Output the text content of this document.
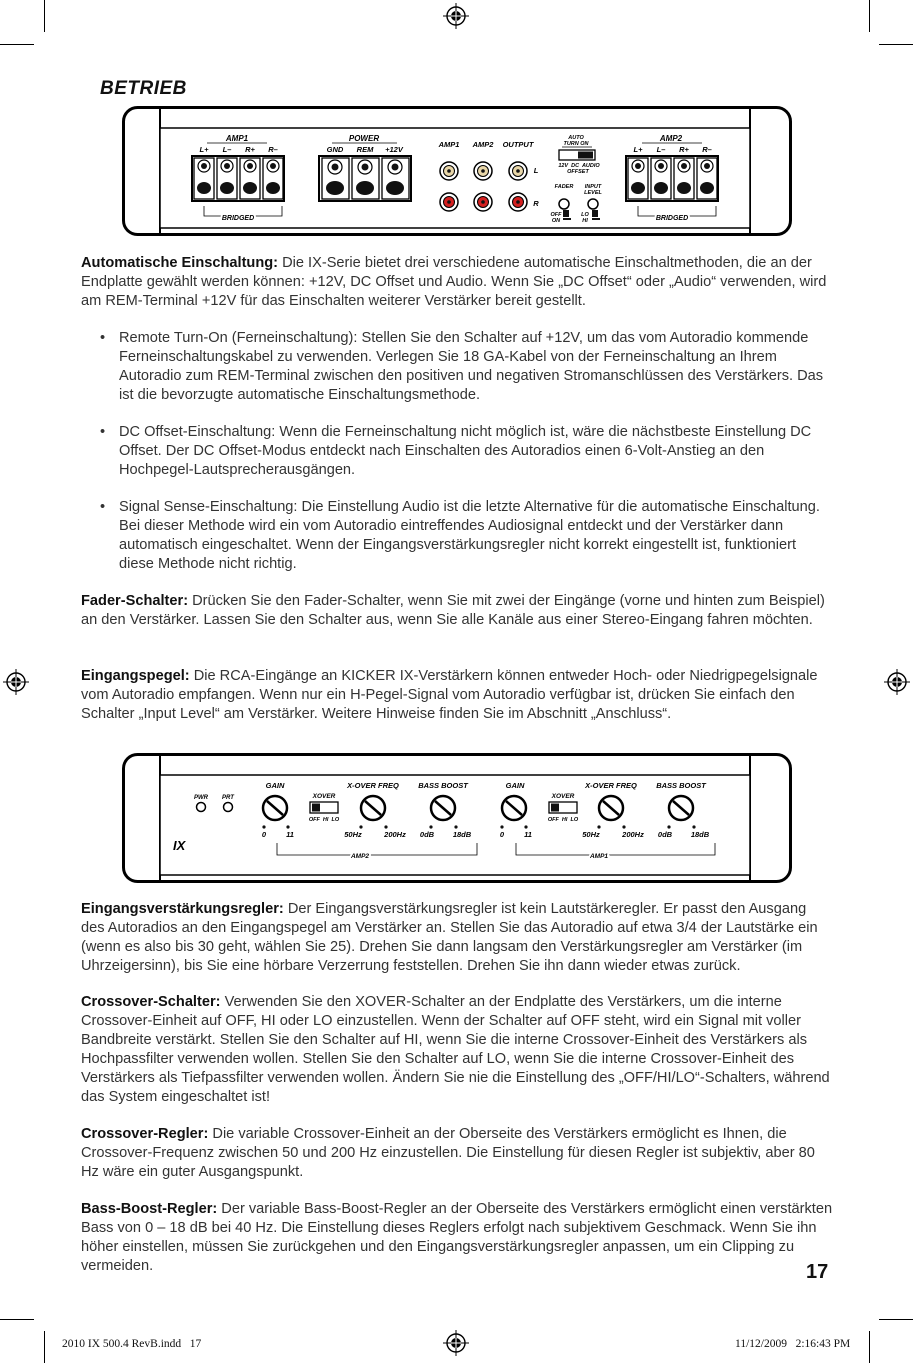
BETRIEB
AMP1
L+ L– R+ R–
BRIDGED
POWER
GND REM +12V
AMP1 AMP2 OUTPUT
L
R
AUTO
TURN ON
12V  DC  AUDIO
OFFSET
FADER INPUT
LEVEL
OFF
ON
LO
HI
AMP2
L+ L– R+ R–
BRIDGED
Automatische Einschaltung: Die IX-Serie bietet drei verschiedene automatische Einschaltmethoden, die an der Endplatte gewählt werden können: +12V, DC Offset und Audio. Wenn Sie „DC Offset“ oder „Audio“ verwenden, wird am REM-Terminal +12V für das Einschalten weiterer Verstärker bereit gestellt.
• Remote Turn-On (Ferneinschaltung): Stellen Sie den Schalter auf +12V, um das vom Autoradio kommende Ferneinschaltungskabel zu verwenden. Verlegen Sie 18 GA-Kabel von der Ferneinschaltung an Ihrem Autoradio zum REM-Terminal zwischen den positiven und negativen Stromanschlüssen des Verstärkers. Das ist die bevorzugte automatische Einschaltungsmethode.
• DC Offset-Einschaltung: Wenn die Ferneinschaltung nicht möglich ist, wäre die nächstbeste Einstellung DC Offset. Der DC Offset-Modus entdeckt nach Einschalten des Autoradios einen 6-Volt-Anstieg an den Hochpegel-Lautsprecherausgängen.
• Signal Sense-Einschaltung: Die Einstellung Audio ist die letzte Alternative für die automatische Einschaltung. Bei dieser Methode wird ein vom Autoradio eintreffendes Audiosignal entdeckt und der Verstärker dann automatisch eingeschaltet. Wenn der Eingangsverstärkungsregler nicht korrekt eingestellt ist, funktioniert diese Methode nicht richtig.
Fader-Schalter: Drücken Sie den Fader-Schalter, wenn Sie mit zwei der Eingänge (vorne und hinten zum Beispiel) an den Verstärker. Lassen Sie den Schalter aus, wenn Sie alle Kanäle aus einer Stereo-Eingang fahren möchten.
Eingangspegel: Die RCA-Eingänge an KICKER IX-Verstärkern können entweder Hoch- oder Niedrigpegelsignale vom Autoradio empfangen. Wenn nur ein H-Pegel-Signal vom Autoradio verfügbar ist, drücken Sie einfach den Schalter „Input Level“ am Verstärker. Weitere Hinweise finden Sie im Abschnitt „Anschluss“.
PWR PRT
IX
GAIN	X-OVER FREQ	BASS BOOST
XOVER
OFF  HI  LO
0	11	50Hz	200Hz 0dB 18dB
AMP2
GAIN	X-OVER FREQ	BASS BOOST
XOVER
OFF  HI  LO
0	11	50Hz	200Hz 0dB 18dB
AMP1
Eingangsverstärkungsregler: Der Eingangsverstärkungsregler ist kein Lautstärkeregler. Er passt den Ausgang des Autoradios an den Eingangspegel am Verstärker an. Stellen Sie das Autoradio auf etwa 3/4 der Lautstärke ein (wenn es also bis 30 geht, wählen Sie 25). Drehen Sie dann langsam den Verstärkungsregler am Verstärker (im Uhrzeigersinn), bis Sie eine hörbare Verzerrung feststellen. Drehen Sie ihn dann wieder etwas zurück.
Crossover-Schalter: Verwenden Sie den XOVER-Schalter an der Endplatte des Verstärkers, um die interne Crossover-Einheit auf OFF, HI oder LO einzustellen. Wenn der Schalter auf OFF steht, wird ein Signal mit voller Bandbreite verstärkt. Stellen Sie den Schalter auf HI, wenn Sie die interne Crossover-Einheit des Verstärkers als Hochpassfilter verwenden wollen. Stellen Sie den Schalter auf LO, wenn Sie die interne Crossover-Einheit des Verstärkers als Tiefpassfilter verwenden wollen. Ändern Sie nie die Einstellung des „OFF/HI/LO“-Schalters, während das System eingeschaltet ist!
Crossover-Regler: Die variable Crossover-Einheit an der Oberseite des Verstärkers ermöglicht es Ihnen, die Crossover-Frequenz zwischen 50 und 200 Hz einzustellen. Die Einstellung für diesen Regler ist subjektiv, aber 80 Hz wäre ein guter Ausgangspunkt.
Bass-Boost-Regler: Der variable Bass-Boost-Regler an der Oberseite des Verstärkers ermöglicht einen verstärkten Bass von 0 – 18 dB bei 40 Hz. Die Einstellung dieses Reglers erfolgt nach subjektivem Geschmack. Wenn Sie ihn höher einstellen, müssen Sie zurückgehen und den Eingangsverstärkungsregler anpassen, um ein Clipping zu vermeiden.	17
2010 IX 500.4 RevB.indd   17	11/12/2009   2:16:43 PM
